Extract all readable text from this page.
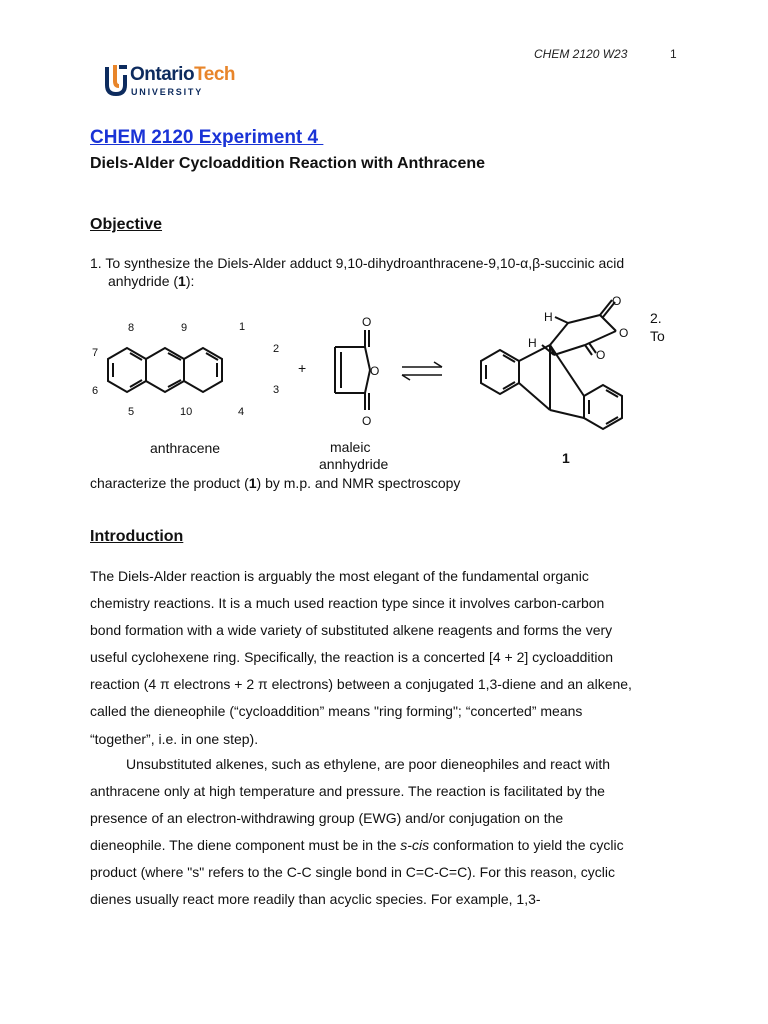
CHEM 2120 W23	1
OntarioTech
UNIVERSITY
CHEM 2120 Experiment 4
Diels-Alder Cycloaddition Reaction with Anthracene
Objective
1. To synthesize the Diels-Alder adduct 9,10-dihydroanthracene-9,10-α,β-succinic acid
anhydride (1):
2.
To
8	9	1
7	2
6	3
5	10	4
+
O
O
O
H
H
O
O
O
anthracene	maleic
annhydride	1
characterize the product (1) by m.p. and NMR spectroscopy
Introduction
The Diels-Alder reaction is arguably the most elegant of the fundamental organic
chemistry reactions. It is a much used reaction type since it involves carbon-carbon
bond formation with a wide variety of substituted alkene reagents and forms the very
useful cyclohexene ring. Specifically, the reaction is a concerted [4 + 2] cycloaddition
reaction (4 π electrons + 2 π electrons) between a conjugated 1,3-diene and an alkene,
called the dieneophile (“cycloaddition” means "ring forming"; “concerted” means
“together”, i.e. in one step).
Unsubstituted alkenes, such as ethylene, are poor dieneophiles and react with
anthracene only at high temperature and pressure. The reaction is facilitated by the
presence of an electron-withdrawing group (EWG) and/or conjugation on the
dieneophile. The diene component must be in the s-cis conformation to yield the cyclic
product (where "s" refers to the C-C single bond in C=C-C=C). For this reason, cyclic
dienes usually react more readily than acyclic species. For example, 1,3-
